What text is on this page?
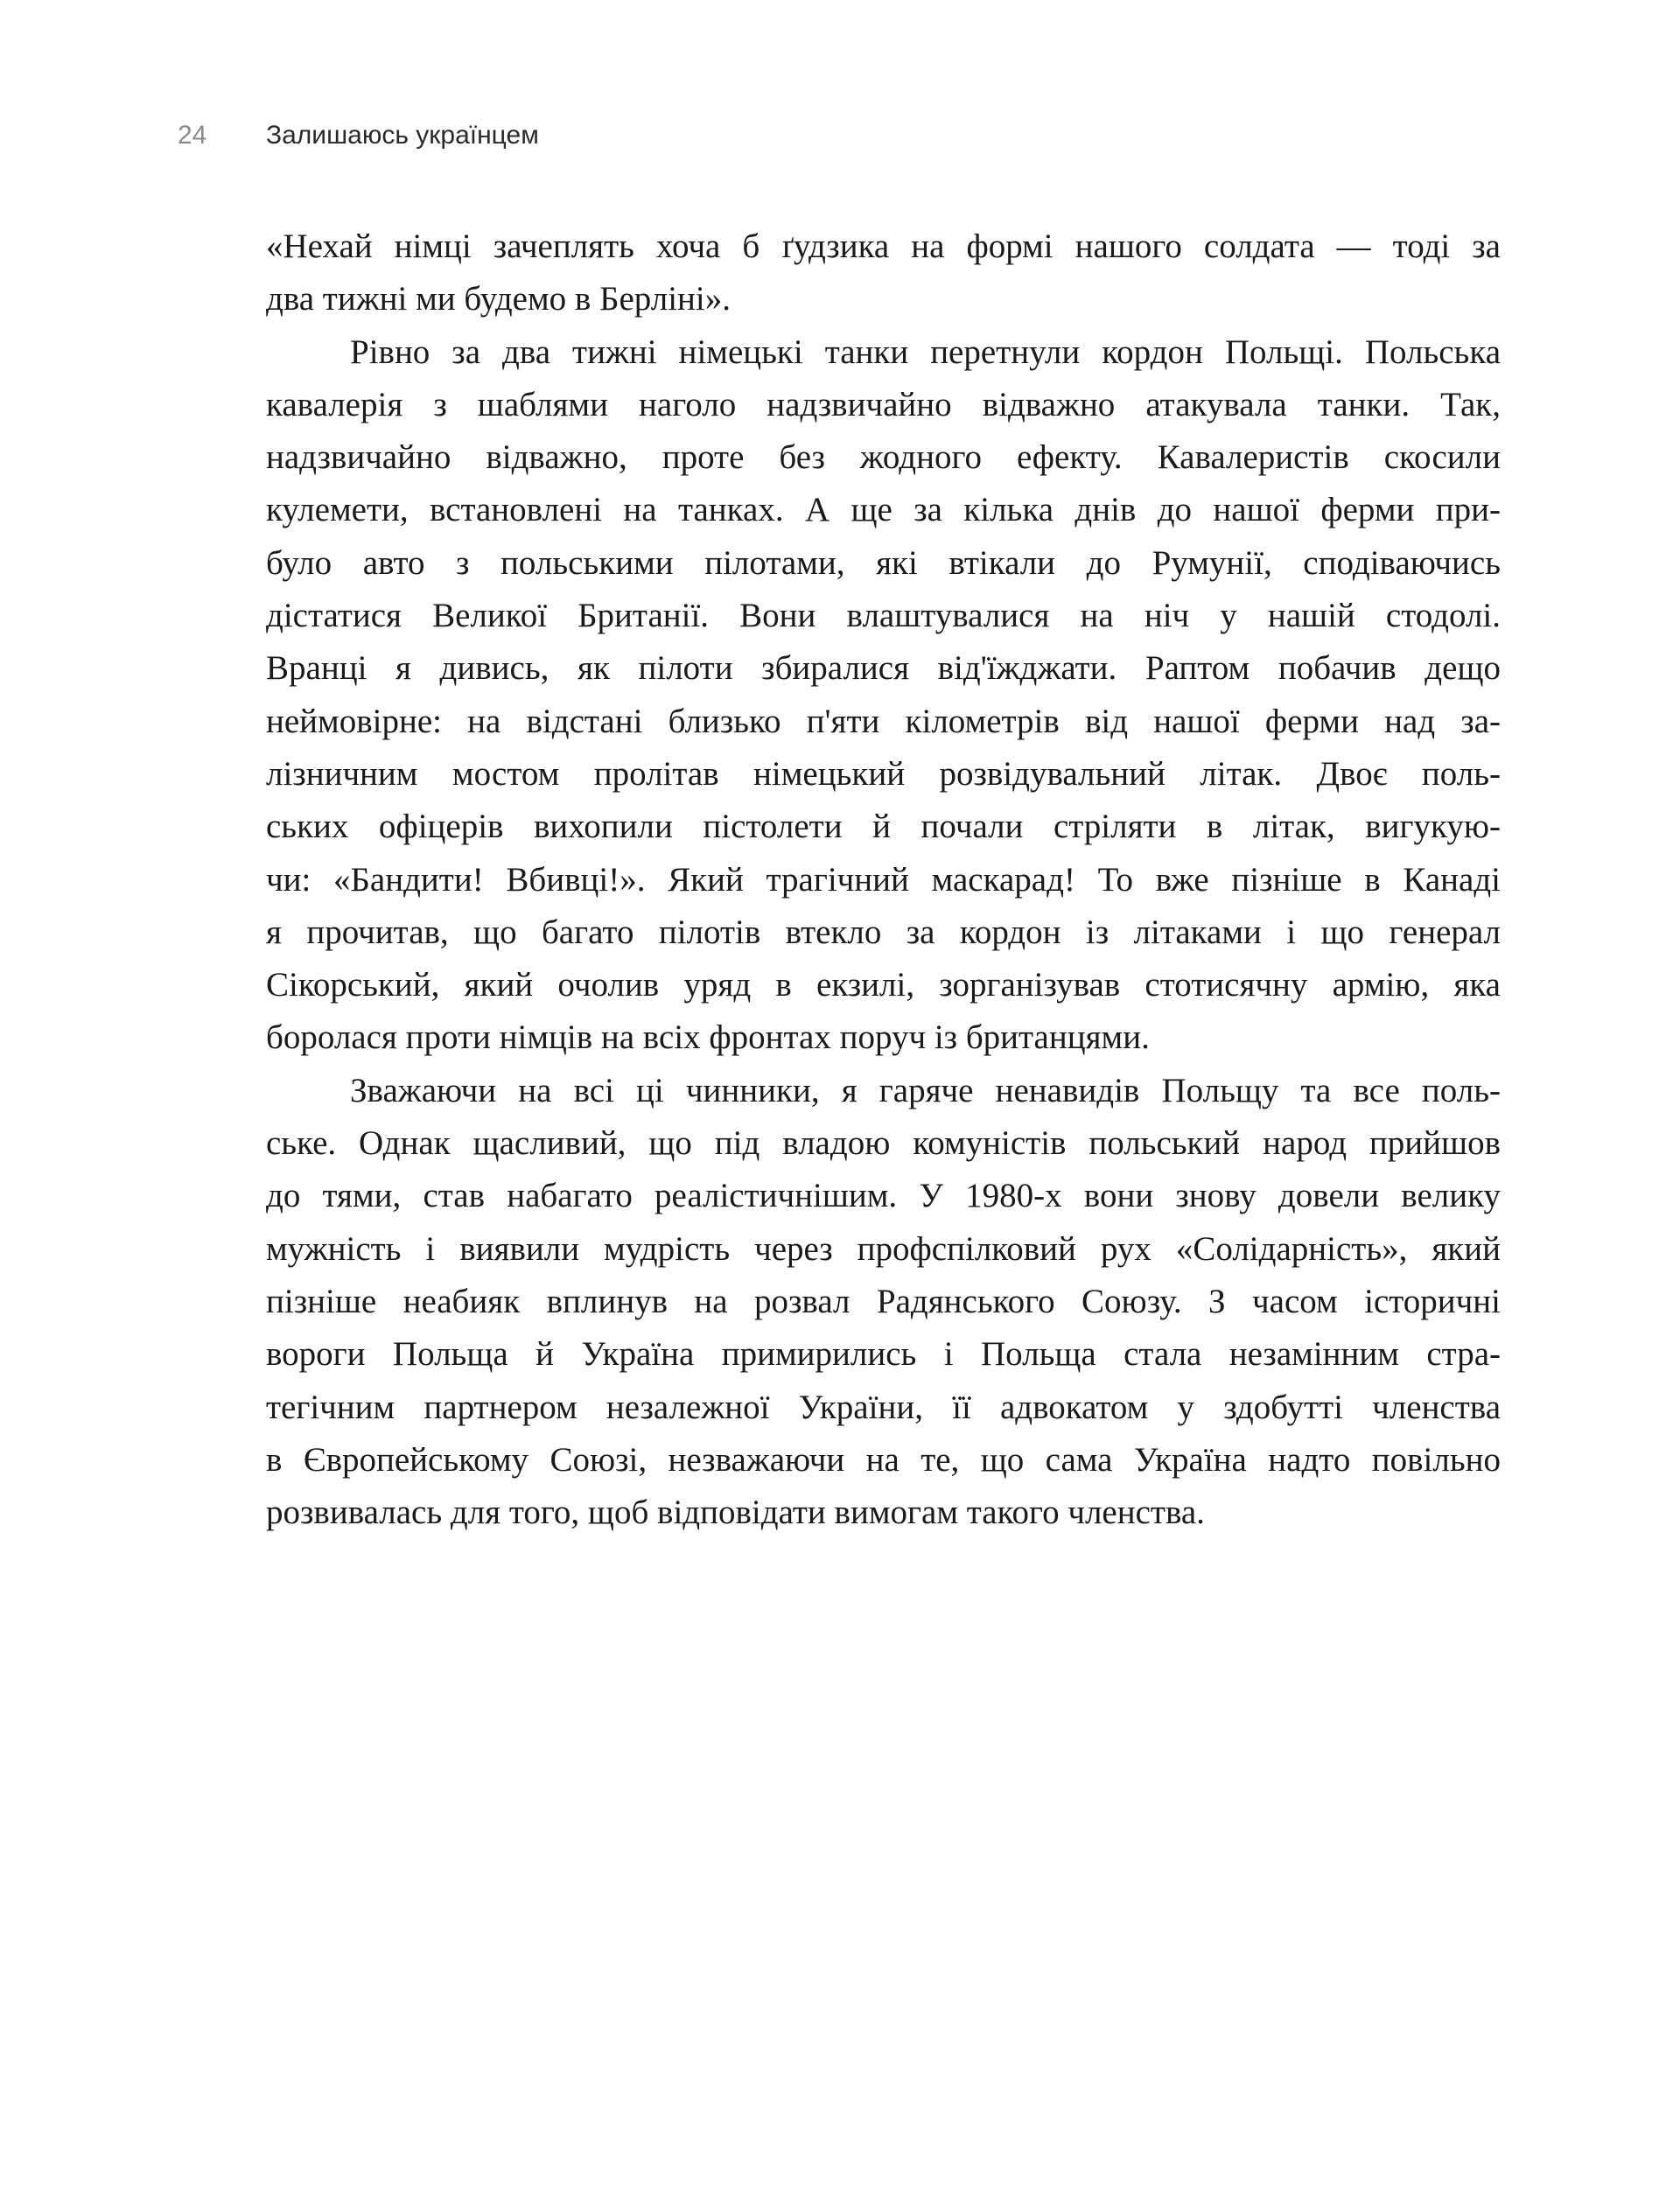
24 Залишаюсь українцем
«Нехай німці зачеплять хоча б ґудзика на формі нашого солдата — тоді за
два тижні ми будемо в Берліні».
Рівно за два тижні німецькі танки перетнули кордон Польщі. Польська
кавалерія з шаблями наголо надзвичайно відважно атакувала танки. Так,
надзвичайно відважно, проте без жодного ефекту. Кавалеристів скосили
кулемети, встановлені на танках. А ще за кілька днів до нашої ферми при-
було авто з польськими пілотами, які втікали до Румунії, сподіваючись
дістатися Великої Британії. Вони влаштувалися на ніч у нашій стодолі.
Вранці я дивись, як пілоти збиралися від'їжджати. Раптом побачив дещо
неймовірне: на відстані близько п'яти кілометрів від нашої ферми над за-
лізничним мостом пролітав німецький розвідувальний літак. Двоє поль-
ських офіцерів вихопили пістолети й почали стріляти в літак, вигукую-
чи: «Бандити! Вбивці!». Який трагічний маскарад! То вже пізніше в Канаді
я прочитав, що багато пілотів втекло за кордон із літаками і що генерал
Сікорський, який очолив уряд в екзилі, зорганізував стотисячну армію, яка
боролася проти німців на всіх фронтах поруч із британцями.
Зважаючи на всі ці чинники, я гаряче ненавидів Польщу та все поль-
ське. Однак щасливий, що під владою комуністів польський народ прийшов
до тями, став набагато реалістичнішим. У 1980-х вони знову довели велику
мужність і виявили мудрість через профспілковий рух «Солідарність», який
пізніше неабияк вплинув на розвал Радянського Союзу. З часом історичні
вороги Польща й Україна примирились і Польща стала незамінним стра-
тегічним партнером незалежної України, її адвокатом у здобутті членства
в Європейському Союзі, незважаючи на те, що сама Україна надто повільно
розвивалась для того, щоб відповідати вимогам такого членства.
